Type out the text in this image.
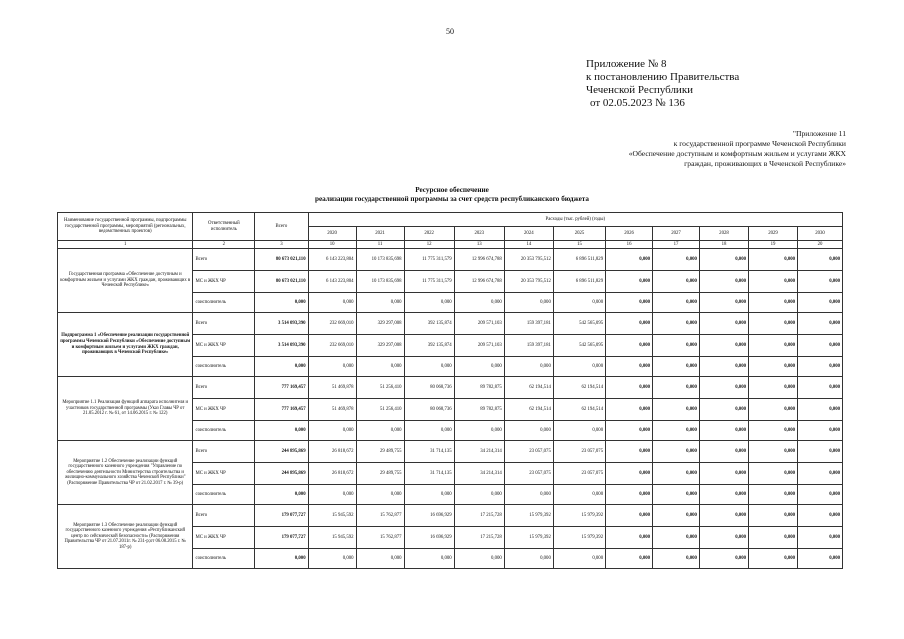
50
Приложение № 8
к постановлению Правительства
Чеченской Республики
от 02.05.2023 № 136
"Приложение 11
к государственной программе Чеченской Республики
«Обеспечение доступным и комфортным жильем и услугами ЖКХ
граждан, проживающих в Чеченской Республике»
Ресурсное обеспечение
реализации государственной программы за счет средств республиканского бюджета
Наименование государственной программы, подпрограммы государственной программы, мероприятий (региональных, ведомственных проектов)	Ответственный исполнитель	Всего	Расходы (тыс. рублей) (годы)										
			2020	2021	2022	2023	2024	2025	2026	2027	2028	2029	2030
1	2	3	10	11	12	13	14	15	16	17	18	19	20
Государственная программа «Обеспечение доступным и комфортным жильем и услугами ЖКХ граждан, проживающих в Чеченской Республике»	Всего	80 673 021,110	6 143 223,804	10 173 835,698	11 775 311,579	12 996 674,788	20 353 795,512	6 896 511,829	0,000	0,000	0,000	0,000	0,000
	МС и ЖКХ ЧР	80 673 021,110	6 143 223,804	10 173 835,698	11 775 311,579	12 996 674,788	20 353 795,512	6 896 511,829	0,000	0,000	0,000	0,000	0,000
	соисполнитель	0,000	0,000	0,000	0,000	0,000	0,000	0,000	0,000	0,000	0,000	0,000	0,000
Подпрограмма 1 «Обеспечение реализации государственной программы Чеченской Республики «Обеспечение доступным и комфортным жильем и услугами ЖКХ граждан, проживающих в Чеченской Республике»	Всего	3 514 093,390	232 669,010	329 297,008	392 135,874	209 571,103	159 397,181	542 565,095	0,000	0,000	0,000	0,000	0,000
	МС и ЖКХ ЧР	3 514 093,390	232 669,010	329 297,008	392 135,874	209 571,103	159 397,181	542 565,095	0,000	0,000	0,000	0,000	0,000
	соисполнитель	0,000	0,000	0,000	0,000	0,000	0,000	0,000	0,000	0,000	0,000	0,000	0,000
Мероприятие 1.1 Реализация функций аппарата исполнителя и участников государственной программы (Указ Главы ЧР от 21.05.2012 г. № 61, от 14.06.2015 г. № 122)	Всего	777 169,457	51 469,878	51 256,410	80 068,736	89 782,875	62 194,514	62 194,514	0,000	0,000	0,000	0,000	0,000
	МС и ЖКХ ЧР	777 169,457	51 469,878	51 256,410	80 068,736	89 782,875	62 194,514	62 194,514	0,000	0,000	0,000	0,000	0,000
	соисполнитель	0,000	0,000	0,000	0,000	0,000	0,000	0,000	0,000	0,000	0,000	0,000	0,000
Мероприятие 1.2 Обеспечение реализации функций государственного казенного учреждения "Управление по обеспечению деятельности Министерства строительства и жилищно-коммунального хозяйства Чеченской Республики" (Распоряжение Правительства ЧР от 21.02.2017 г. № 39-р)	Всего	244 895,869	26 818,672	29 489,755	31 714,135	34 214,314	23 057,075	23 057,075	0,000	0,000	0,000	0,000	0,000
	МС и ЖКХ ЧР	244 895,869	26 818,672	29 489,755	31 714,135	34 214,314	23 057,075	23 057,075	0,000	0,000	0,000	0,000	0,000
	соисполнитель	0,000	0,000	0,000	0,000	0,000	0,000	0,000	0,000	0,000	0,000	0,000	0,000
Мероприятие 1.3 Обеспечение реализации функций государственного казенного учреждения «Республиканский центр по сейсмической безопасности» (Распоряжения Правительства ЧР от 21.07.2011г. № 231-р;от 06.08.2015 г. № 187-р)	Всего	179 077,727	15 945,592	15 762,877	16 696,929	17 215,728	15 979,392	15 979,392	0,000	0,000	0,000	0,000	0,000
	МС и ЖКХ ЧР	179 077,727	15 945,592	15 762,877	16 696,929	17 215,728	15 979,392	15 979,392	0,000	0,000	0,000	0,000	0,000
	соисполнитель	0,000	0,000	0,000	0,000	0,000	0,000	0,000	0,000	0,000	0,000	0,000	0,000
